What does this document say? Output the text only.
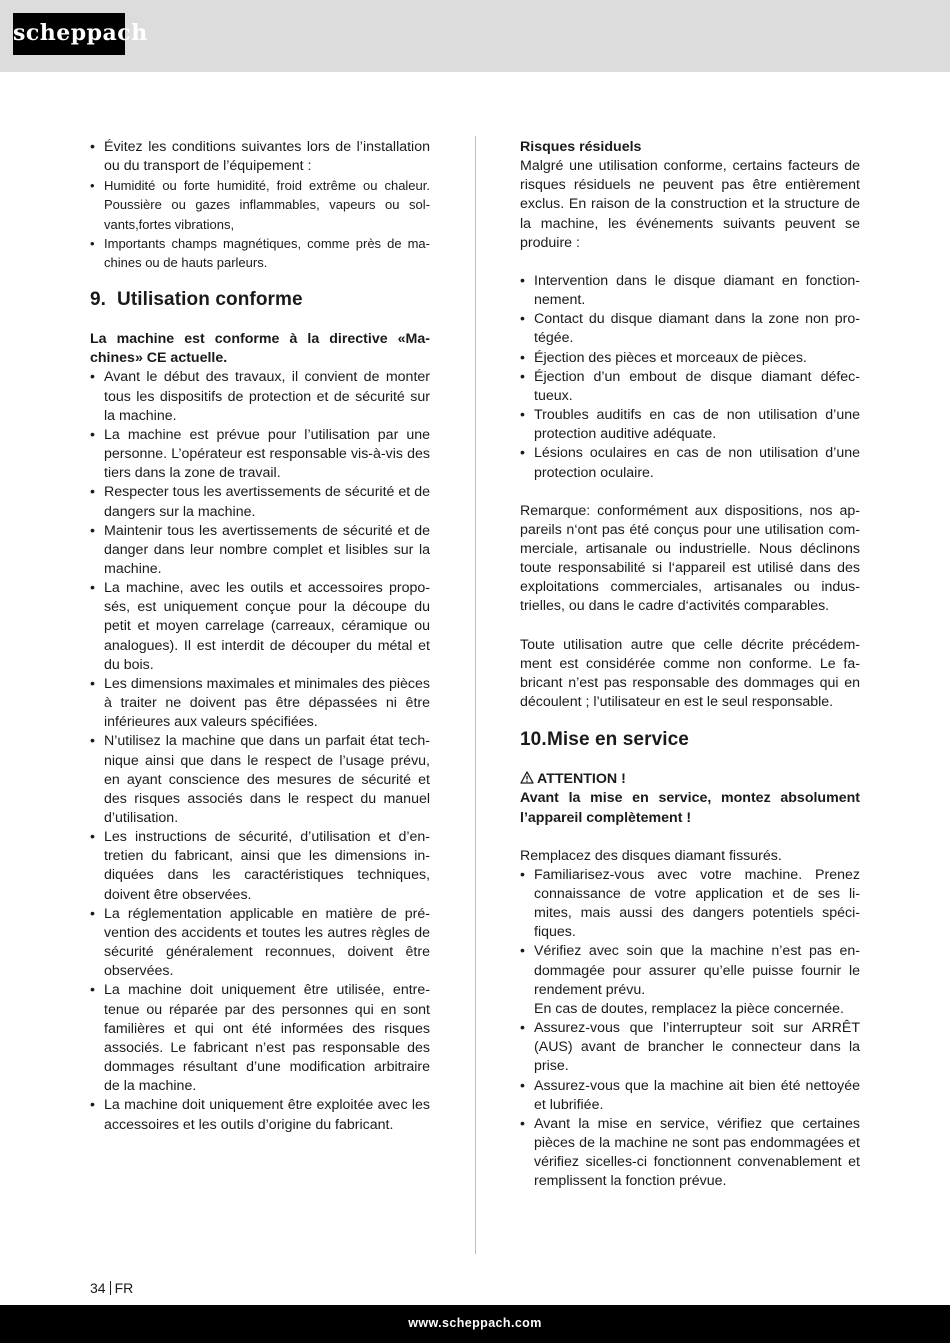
scheppach
• Évitez les conditions suivantes lors de l’installation ou du transport de l’équipement :
• Humidité ou forte humidité, froid extrême ou chaleur. Poussière ou gazes inflammables, vapeurs ou sol-vants,fortes vibrations,
• Importants champs magnétiques, comme près de ma-chines ou de hauts parleurs.
9. Utilisation conforme
La machine est conforme à la directive «Ma-chines» CE actuelle.
• Avant le début des travaux, il convient de monter tous les dispositifs de protection et de sécurité sur la machine.
• La machine est prévue pour l’utilisation par une personne. L’opérateur est responsable vis-à-vis des tiers dans la zone de travail.
• Respecter tous les avertissements de sécurité et de dangers sur la machine.
• Maintenir tous les avertissements de sécurité et de danger dans leur nombre complet et lisibles sur la machine.
• La machine, avec les outils et accessoires propo-sés, est uniquement conçue pour la découpe du petit et moyen carrelage (carreaux, céramique ou analogues). Il est interdit de découper du métal et du bois.
• Les dimensions maximales et minimales des pièces à traiter ne doivent pas être dépassées ni être inférieures aux valeurs spécifiées.
• N’utilisez la machine que dans un parfait état tech-nique ainsi que dans le respect de l’usage prévu, en ayant conscience des mesures de sécurité et des risques associés dans le respect du manuel d’utilisation.
• Les instructions de sécurité, d’utilisation et d’en-tretien du fabricant, ainsi que les dimensions in-diquées dans les caractéristiques techniques, doivent être observées.
• La réglementation applicable en matière de pré-vention des accidents et toutes les autres règles de sécurité généralement reconnues, doivent être observées.
• La machine doit uniquement être utilisée, entre-tenue ou réparée par des personnes qui en sont familières et qui ont été informées des risques associés. Le fabricant n’est pas responsable des dommages résultant d’une modification arbitraire de la machine.
• La machine doit uniquement être exploitée avec les accessoires et les outils d’origine du fabricant.
Risques résiduels
Malgré une utilisation conforme, certains facteurs de risques résiduels ne peuvent pas être entièrement exclus. En raison de la construction et la structure de la machine, les événements suivants peuvent se produire :
• Intervention dans le disque diamant en fonction-nement.
• Contact du disque diamant dans la zone non pro-tégée.
• Éjection des pièces et morceaux de pièces.
• Éjection d’un embout de disque diamant défec-tueux.
• Troubles auditifs en cas de non utilisation d’une protection auditive adéquate.
• Lésions oculaires en cas de non utilisation d’une protection oculaire.
Remarque: conformément aux dispositions, nos ap-pareils n‘ont pas été conçus pour une utilisation com-merciale, artisanale ou industrielle. Nous déclinons toute responsabilité si l‘appareil est utilisé dans des exploitations commerciales, artisanales ou indus-trielles, ou dans le cadre d‘activités comparables.
Toute utilisation autre que celle décrite précédem-ment est considérée comme non conforme. Le fa-bricant n’est pas responsable des dommages qui en découlent ; l’utilisateur en est le seul responsable.
10.Mise en service
ATTENTION !
Avant la mise en service, montez absolument l’appareil complètement !
Remplacez des disques diamant fissurés.
• Familiarisez-vous avec votre machine. Prenez connaissance de votre application et de ses li-mites, mais aussi des dangers potentiels spéci-fiques.
• Vérifiez avec soin que la machine n’est pas en-dommagée pour assurer qu’elle puisse fournir le rendement prévu.
En cas de doutes, remplacez la pièce concernée.
• Assurez-vous que l’interrupteur soit sur ARRÊT (AUS) avant de brancher le connecteur dans la prise.
• Assurez-vous que la machine ait bien été nettoyée et lubrifiée.
• Avant la mise en service, vérifiez que certaines pièces de la machine ne sont pas endommagées et vérifiez sicelles-ci fonctionnent convenablement et remplissent la fonction prévue.
34 FR
www.scheppach.com
